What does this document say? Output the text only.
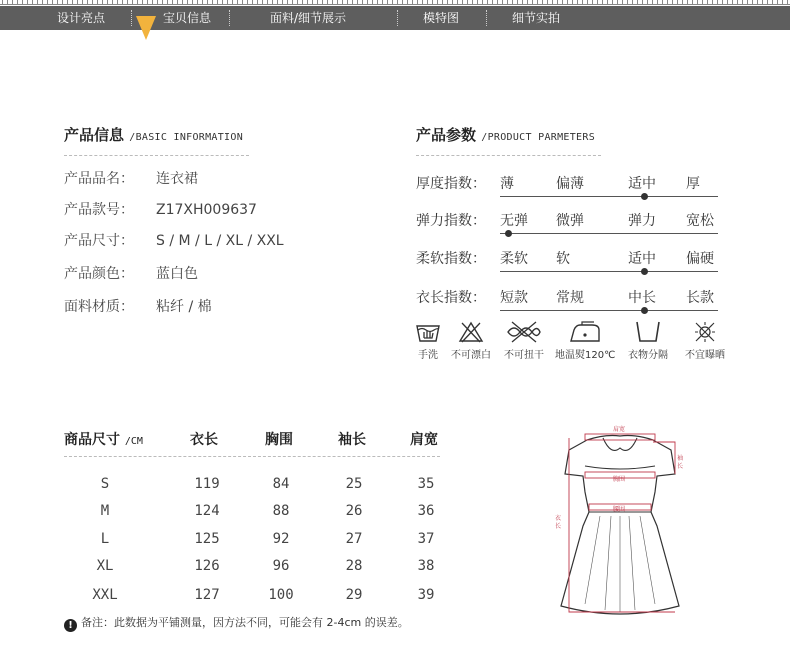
设计亮点	宝贝信息	面料/细节展示	模特图	细节实拍
产品信息 /BASIC INFORMATION
产品品名： 连衣裙
产品款号： Z17XH009637
产品尺寸： S / M / L / XL / XXL
产品颜色： 蓝白色
面料材质： 粘纤 / 棉
产品参数 /PRODUCT PARMETERS
厚度指数： 薄	偏薄	适中 厚
弹力指数： 无弹 微弹	弹力 宽松
柔软指数： 柔软 软	适中 偏硬
衣长指数： 短款 常规	中长 长款
手洗	不可漂白	不可扭干	地温熨120℃	衣物分隔	不宜曝晒
商品尺寸 /CM	衣长	胸围	袖长	肩宽
S	119	84	25	35
M	124	88	26	36
L	125	92	27	37
XL	126	96	28	38
XXL	127	100	29	39
! 备注：此数据为平铺测量，因方法不同，可能会有 2-4cm 的误差。
肩宽
袖
长
胸围
腰围
衣
长
